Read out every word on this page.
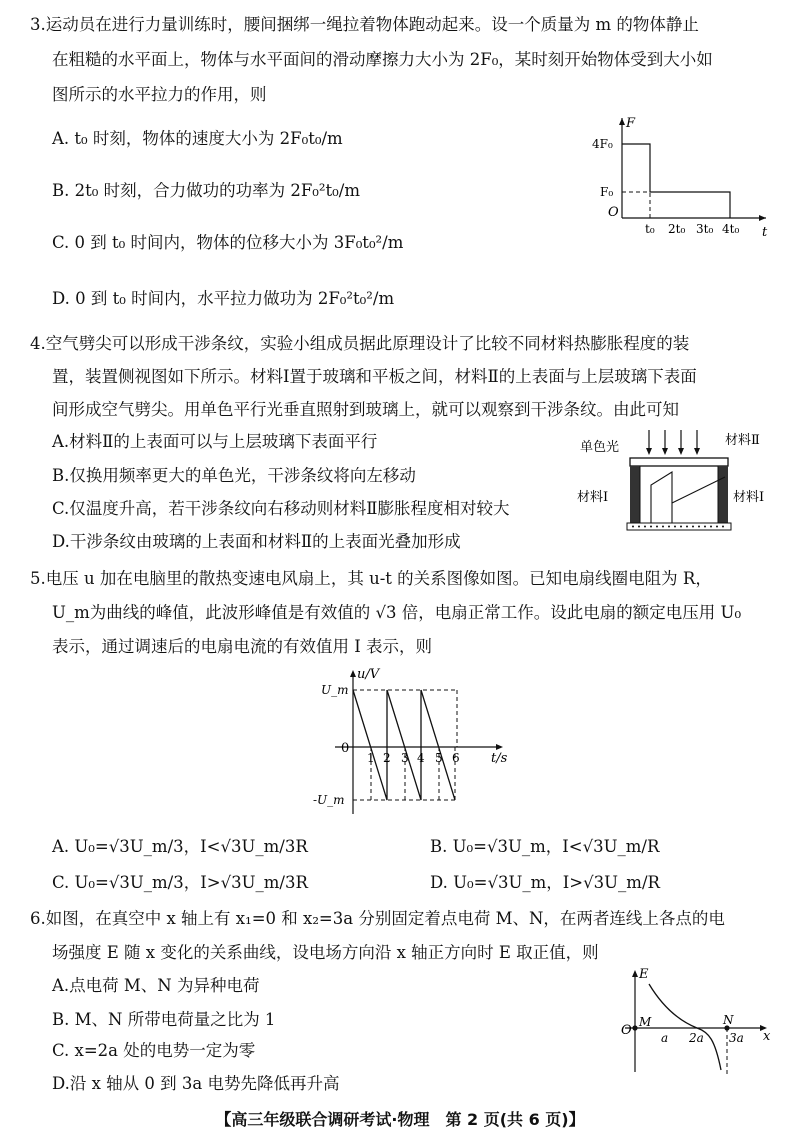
3.运动员在进行力量训练时，腰间捆绑一绳拉着物体跑动起来。设一个质量为 m 的物体静止
在粗糙的水平面上，物体与水平面间的滑动摩擦力大小为 2F₀，某时刻开始物体受到大小如
图所示的水平拉力的作用，则
A. t₀ 时刻，物体的速度大小为 2F₀t₀/m
B. 2t₀ 时刻，合力做功的功率为 2F₀²t₀/m
C. 0 到 t₀ 时间内，物体的位移大小为 3F₀t₀²/m
D. 0 到 t₀ 时间内，水平拉力做功为 2F₀²t₀²/m
F
t
O
4F₀
F₀
t₀ 2t₀ 3t₀ 4t₀
4.空气劈尖可以形成干涉条纹，实验小组成员据此原理设计了比较不同材料热膨胀程度的装
置，装置侧视图如下所示。材料Ⅰ置于玻璃和平板之间，材料Ⅱ的上表面与上层玻璃下表面
间形成空气劈尖。用单色平行光垂直照射到玻璃上，就可以观察到干涉条纹。由此可知
A.材料Ⅱ的上表面可以与上层玻璃下表面平行
B.仅换用频率更大的单色光，干涉条纹将向左移动
C.仅温度升高，若干涉条纹向右移动则材料Ⅱ膨胀程度相对较大
D.干涉条纹由玻璃的上表面和材料Ⅱ的上表面光叠加形成
单色光	材料Ⅱ
材料Ⅰ	材料Ⅰ
5.电压 u 加在电脑里的散热变速电风扇上，其 u-t 的关系图像如图。已知电扇线圈电阻为 R，
U_m为曲线的峰值，此波形峰值是有效值的 √3 倍，电扇正常工作。设此电扇的额定电压用 U₀
表示，通过调速后的电扇电流的有效值用 I 表示，则
u/V
t/s
0
U_m
-U_m
1 2 3 4 5 6
A. U₀=√3U_m/3，I<√3U_m/3R	B. U₀=√3U_m，I<√3U_m/R
C. U₀=√3U_m/3，I>√3U_m/3R	D. U₀=√3U_m，I>√3U_m/R
6.如图，在真空中 x 轴上有 x₁=0 和 x₂=3a 分别固定着点电荷 M、N，在两者连线上各点的电
场强度 E 随 x 变化的关系曲线，设电场方向沿 x 轴正方向时 E 取正值，则
A.点电荷 M、N 为异种电荷
B. M、N 所带电荷量之比为 1
C. x=2a 处的电势一定为零
D.沿 x 轴从 0 到 3a 电势先降低再升高
E
x
O
M	N
a 2a 3a
【高三年级联合调研考试·物理　第 2 页(共 6 页)】
